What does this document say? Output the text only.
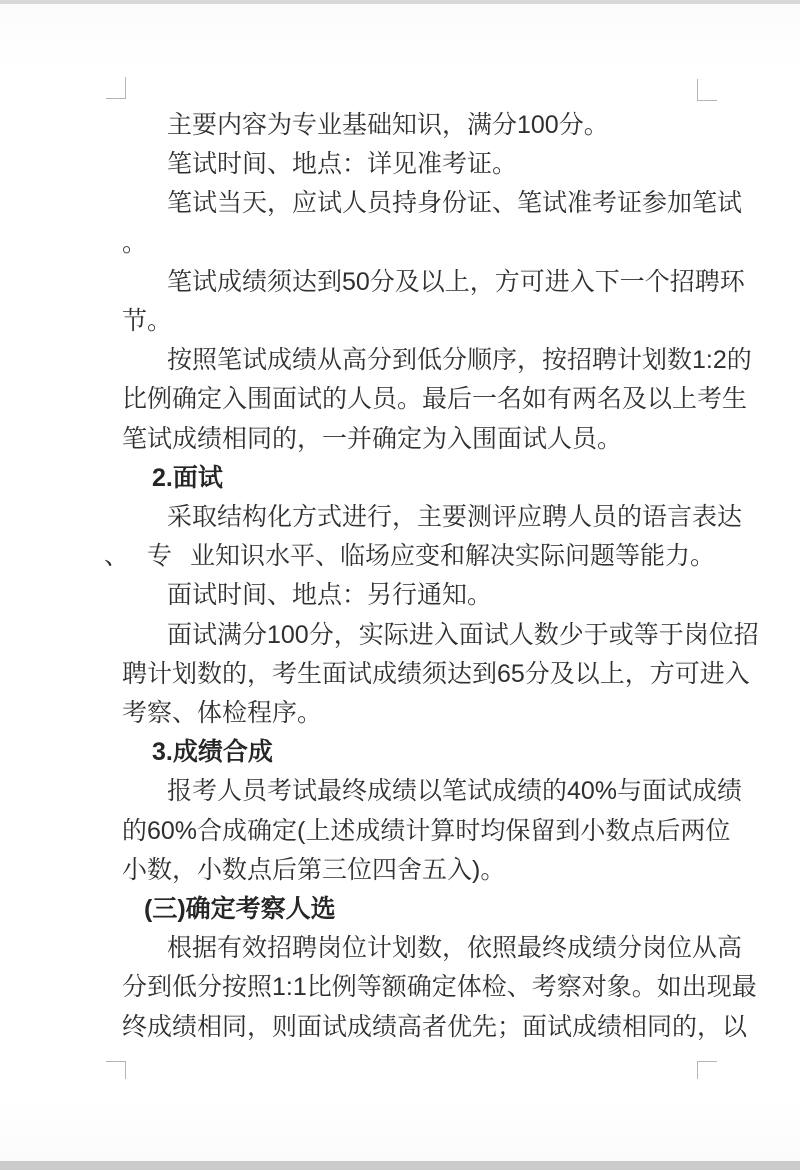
主要内容为专业基础知识，满分100分。
笔试时间、地点：详见准考证。
笔试当天，应试人员持身份证、笔试准考证参加笔试
。
笔试成绩须达到50分及以上，方可进入下一个招聘环
节。
按照笔试成绩从高分到低分顺序，按招聘计划数1:2的
比例确定入围面试的人员。最后一名如有两名及以上考生
笔试成绩相同的，一并确定为入围面试人员。
2.面试
采取结构化方式进行，主要测评应聘人员的语言表达
、专业知识水平、临场应变和解决实际问题等能力。
面试时间、地点：另行通知。
面试满分100分，实际进入面试人数少于或等于岗位招
聘计划数的，考生面试成绩须达到65分及以上，方可进入
考察、体检程序。
3.成绩合成
报考人员考试最终成绩以笔试成绩的40%与面试成绩
的60%合成确定(上述成绩计算时均保留到小数点后两位
小数，小数点后第三位四舍五入)。
(三)确定考察人选
根据有效招聘岗位计划数，依照最终成绩分岗位从高
分到低分按照1:1比例等额确定体检、考察对象。如出现最
终成绩相同，则面试成绩高者优先；面试成绩相同的，以
